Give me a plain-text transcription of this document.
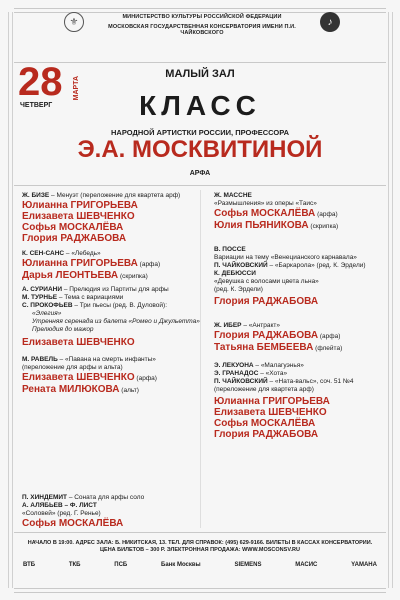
⚜	МИНИСТЕРСТВО КУЛЬТУРЫ РОССИЙСКОЙ ФЕДЕРАЦИИ
МОСКОВСКАЯ ГОСУДАРСТВЕННАЯ КОНСЕРВАТОРИЯ ИМЕНИ П.И. ЧАЙКОВСКОГО
♪
28 МАРТА
ЧЕТВЕРГ
МАЛЫЙ ЗАЛ
КЛАСС
НАРОДНОЙ АРТИСТКИ РОССИИ, ПРОФЕССОРА
Э.А. МОСКВИТИНОЙ
АРФА
Ж. БИЗЕ – Менуэт (переложение для квартета арф)
Юлианна ГРИГОРЬЕВА
Елизавета ШЕВЧЕНКО
Софья МОСКАЛЁВА
Глория РАДЖАБОВА
К. СЕН-САНС – «Лебедь»
Юлианна ГРИГОРЬЕВА (арфа)
Дарья ЛЕОНТЬЕВА (скрипка)
А. СУРИАНИ – Прелюдия из Партиты для арфы
М. ТУРНЬЕ – Тема с вариациями
С. ПРОКОФЬЕВ – Три пьесы (ред. В. Дуловой):
«Элегия»
Утренняя серенада из балета «Ромео и Джульетта»
Прелюдия до мажор
Елизавета ШЕВЧЕНКО
М. РАВЕЛЬ – «Павана на смерть инфанты»
(переложение для арфы и альта)
Елизавета ШЕВЧЕНКО (арфа)
Рената МИЛЮКОВА (альт)
П. ХИНДЕМИТ – Соната для арфы соло
А. АЛЯБЬЕВ – Ф. ЛИСТ
«Соловей» (ред. Г. Ренье)
Софья МОСКАЛЁВА
Ж. МАССНЕ
«Размышления» из оперы «Таис»
Софья МОСКАЛЁВА (арфа)
Юлия ПЬЯНИКОВА (скрипка)
В. ПОССЕ
Вариации на тему «Венецианского карнавала»
П. ЧАЙКОВСКИЙ – «Баркарола» (ред. К. Эрдели)
К. ДЕБЮССИ
«Девушка с волосами цвета льна»
(ред. К. Эрдели)
Глория РАДЖАБОВА
Ж. ИБЕР – «Антракт»
Глория РАДЖАБОВА (арфа)
Татьяна БЕМБЕЕВА (флейта)
Э. ЛЕКУОНА – «Малагуэнья»
Э. ГРАНАДОС – «Хота»
П. ЧАЙКОВСКИЙ – «Ната-вальс», соч. 51 №4
(переложение для квартета арф)
Юлианна ГРИГОРЬЕВА
Елизавета ШЕВЧЕНКО
Софья МОСКАЛЁВА
Глория РАДЖАБОВА
НАЧАЛО В 19:00. АДРЕС ЗАЛА: Б. НИКИТСКАЯ, 13. ТЕЛ. ДЛЯ СПРАВОК: (495) 629-9166. БИЛЕТЫ В КАССАХ КОНСЕРВАТОРИИ.
ЦЕНА БИЛЕТОВ – 300 Р. ЭЛЕКТРОННАЯ ПРОДАЖА: WWW.MOSCONSV.RU
ВТБ	ТКБ	ПСБ	Банк Москвы	SIEMENS	МАСИС	YAMAHA
